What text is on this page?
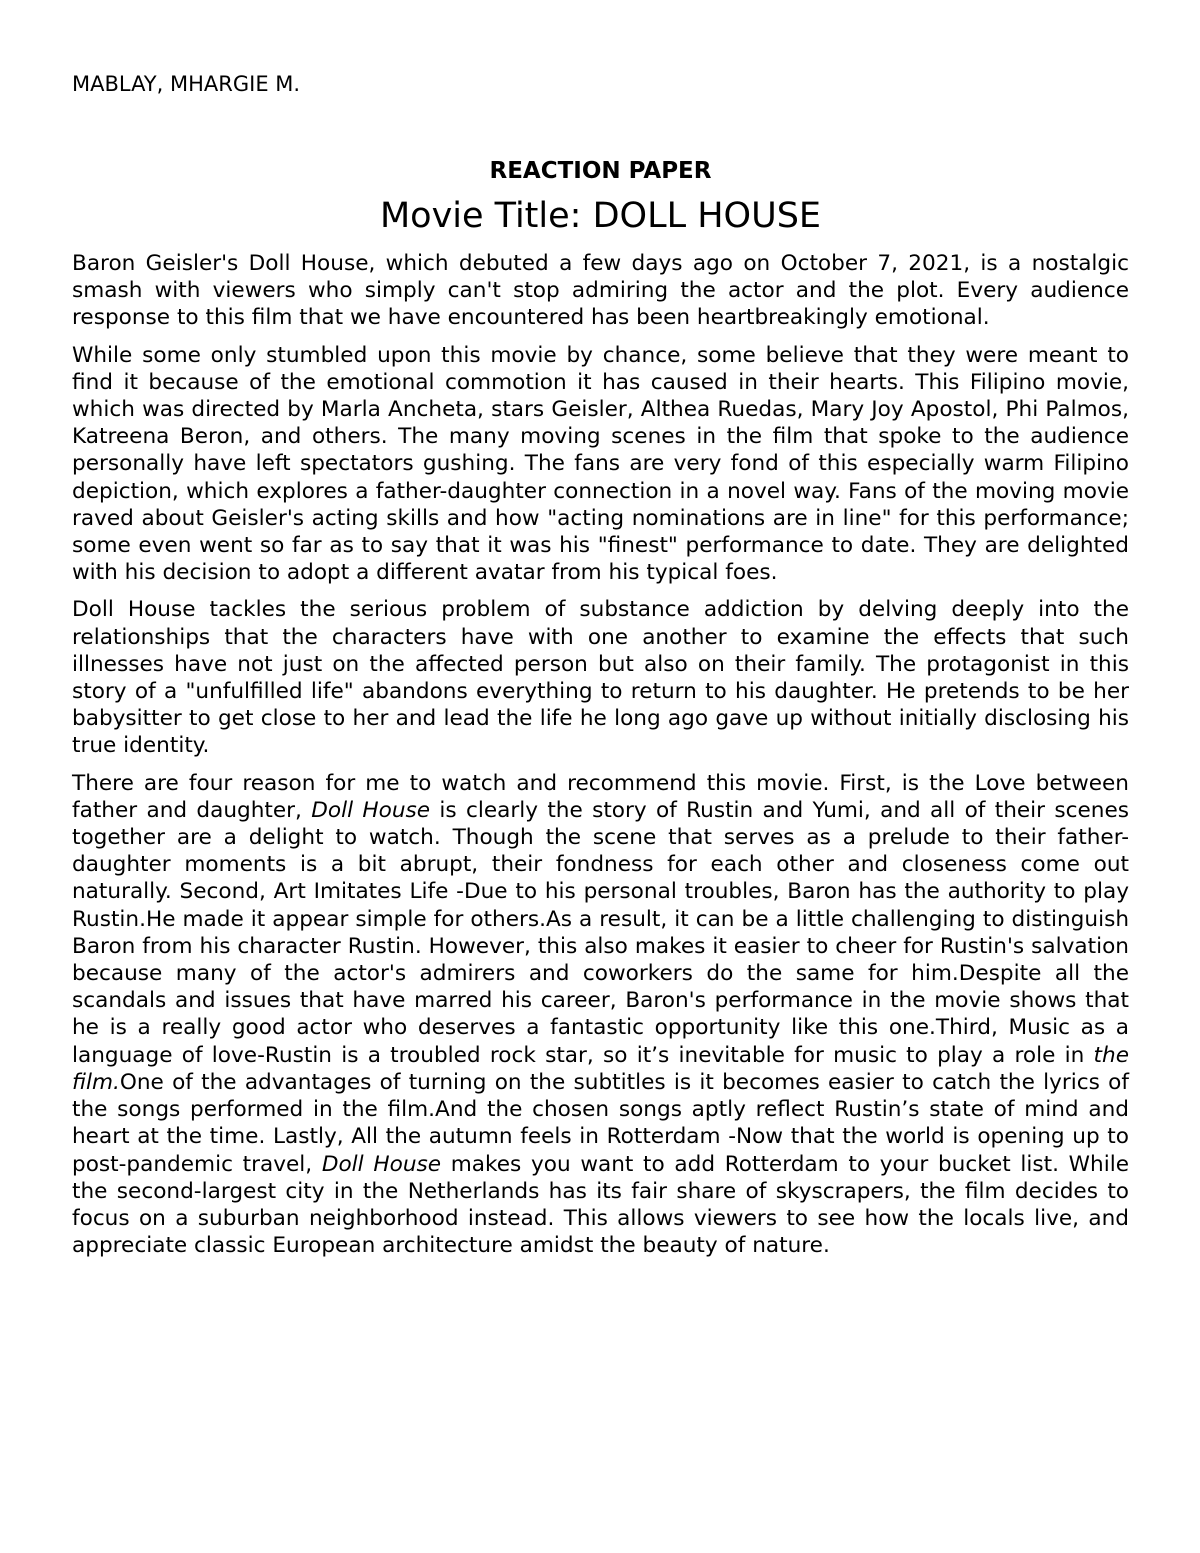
MABLAY, MHARGIE M.

REACTION PAPER

Movie Title: DOLL HOUSE

Baron Geisler's Doll House, which debuted a few days ago on October 7, 2021, is a nostalgic smash with viewers who simply can't stop admiring the actor and the plot. Every audience response to this film that we have encountered has been heartbreakingly emotional.

While some only stumbled upon this movie by chance, some believe that they were meant to find it because of the emotional commotion it has caused in their hearts. This Filipino movie, which was directed by Marla Ancheta, stars Geisler, Althea Ruedas, Mary Joy Apostol, Phi Palmos, Katreena Beron, and others. The many moving scenes in the film that spoke to the audience personally have left spectators gushing. The fans are very fond of this especially warm Filipino depiction, which explores a father-daughter connection in a novel way. Fans of the moving movie raved about Geisler's acting skills and how "acting nominations are in line" for this performance; some even went so far as to say that it was his "finest" performance to date. They are delighted with his decision to adopt a different avatar from his typical foes.

Doll House tackles the serious problem of substance addiction by delving deeply into the relationships that the characters have with one another to examine the effects that such illnesses have not just on the affected person but also on their family. The protagonist in this story of a "unfulfilled life" abandons everything to return to his daughter. He pretends to be her babysitter to get close to her and lead the life he long ago gave up without initially disclosing his true identity.

There are four reason for me to watch and recommend this movie. First, is the Love between father and daughter, Doll House is clearly the story of Rustin and Yumi, and all of their scenes together are a delight to watch. Though the scene that serves as a prelude to their father-daughter moments is a bit abrupt, their fondness for each other and closeness come out naturally. Second, Art Imitates Life -Due to his personal troubles, Baron has the authority to play Rustin.He made it appear simple for others.As a result, it can be a little challenging to distinguish Baron from his character Rustin. However, this also makes it easier to cheer for Rustin's salvation because many of the actor's admirers and coworkers do the same for him.Despite all the scandals and issues that have marred his career, Baron's performance in the movie shows that he is a really good actor who deserves a fantastic opportunity like this one.Third, Music as a language of love-Rustin is a troubled rock star, so it’s inevitable for music to play a role in the film.One of the advantages of turning on the subtitles is it becomes easier to catch the lyrics of the songs performed in the film.And the chosen songs aptly reflect Rustin’s state of mind and heart at the time. Lastly, All the autumn feels in Rotterdam -Now that the world is opening up to post-pandemic travel, Doll House makes you want to add Rotterdam to your bucket list. While the second-largest city in the Netherlands has its fair share of skyscrapers, the film decides to focus on a suburban neighborhood instead. This allows viewers to see how the locals live, and appreciate classic European architecture amidst the beauty of nature.
